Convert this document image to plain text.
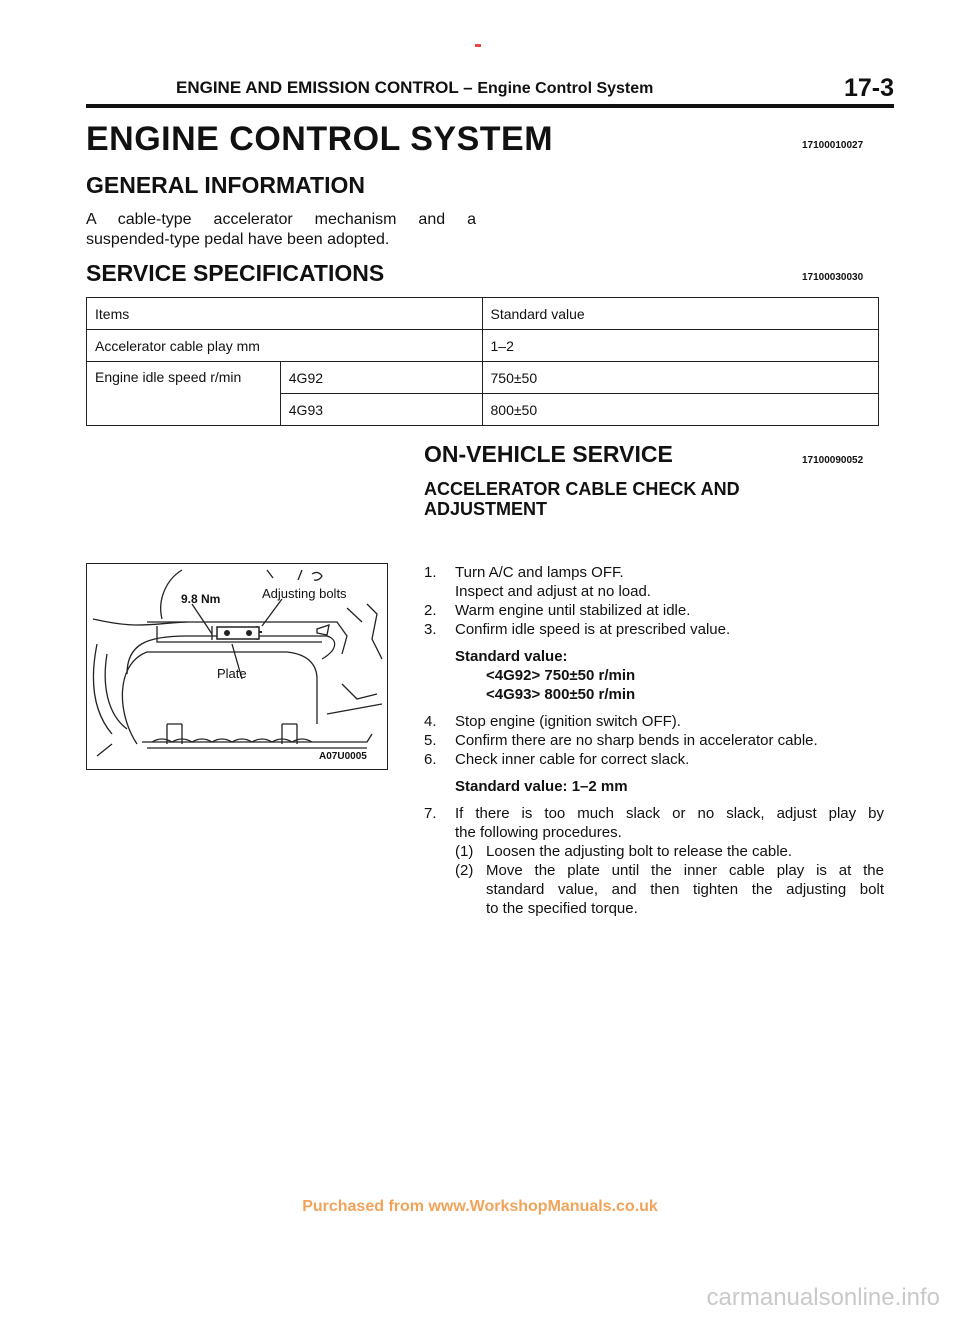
ENGINE AND EMISSION CONTROL – Engine Control System	17-3
ENGINE CONTROL SYSTEM	17100010027
GENERAL INFORMATION
A cable-type accelerator mechanism and a
suspended-type pedal have been adopted.
SERVICE SPECIFICATIONS	17100030030
Items		Standard value
Accelerator cable play mm		1–2
Engine idle speed r/min	4G92	750±50
	4G93	800±50
ON-VEHICLE SERVICE	17100090052
ACCELERATOR CABLE CHECK AND
ADJUSTMENT
9.8 Nm	Adjusting bolts
Plate
A07U0005
1. Turn A/C and lamps OFF.
Inspect and adjust at no load.
2. Warm engine until stabilized at idle.
3. Confirm idle speed is at prescribed value.
Standard value:
<4G92> 750±50 r/min
<4G93> 800±50 r/min
4. Stop engine (ignition switch OFF).
5. Confirm there are no sharp bends in accelerator cable.
6. Check inner cable for correct slack.
Standard value: 1–2 mm
7. If there is too much slack or no slack, adjust play by
the following procedures.
(1) Loosen the adjusting bolt to release the cable.
(2) Move the plate until the inner cable play is at the
standard value, and then tighten the adjusting bolt
to the specified torque.
Purchased from www.WorkshopManuals.co.uk
carmanualsonline.info
